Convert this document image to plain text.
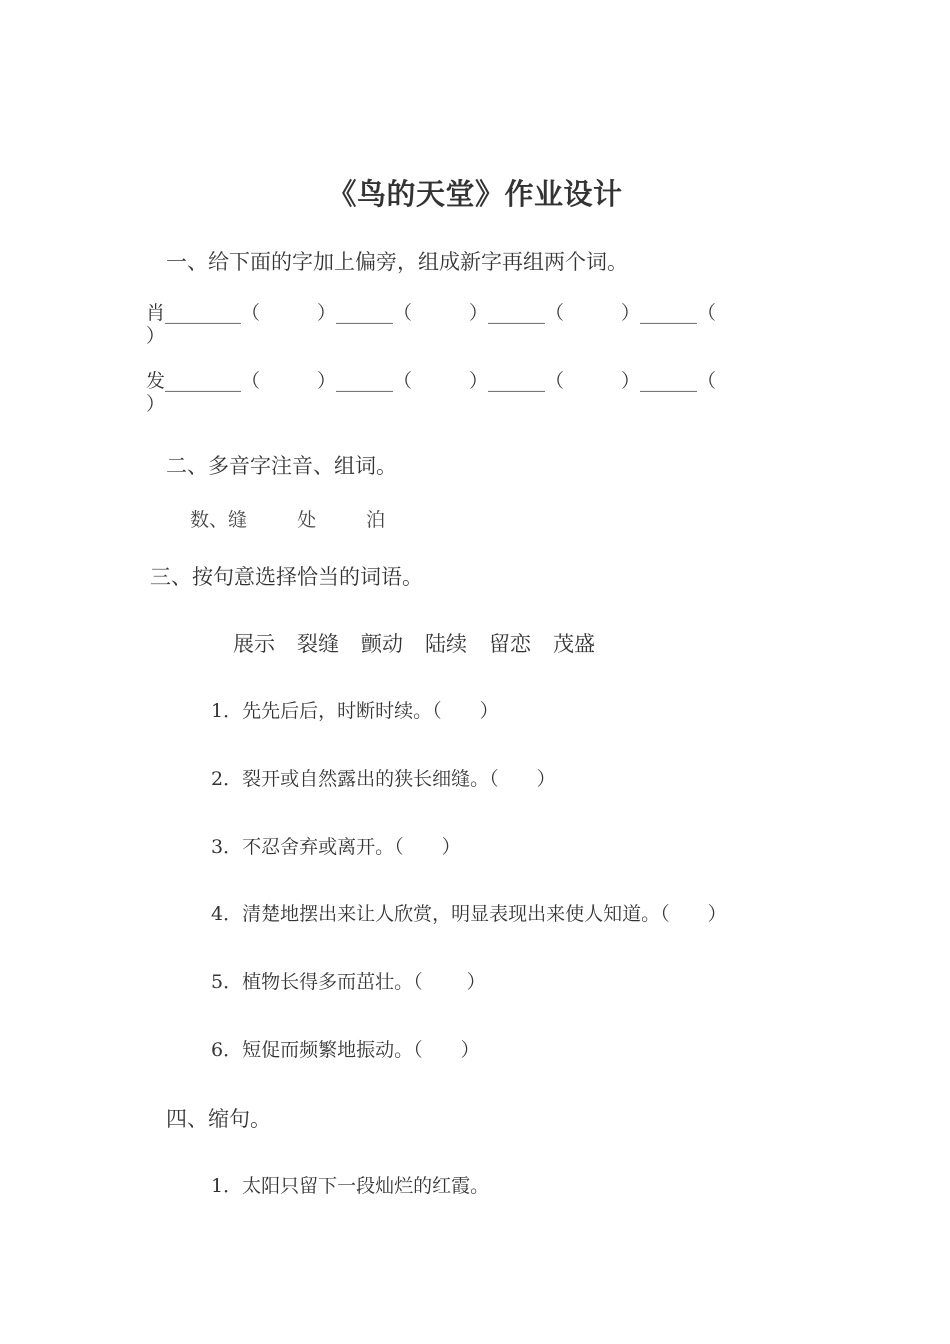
《鸟的天堂》作业设计
一、给下面的字加上偏旁，组成新字再组两个词。
肖________（　　　）______（　　　）______（　　　）______（
）
发________（　　　）______（　　　）______（　　　）______（
）
二、多音字注音、组词。
数、缝	处	泊
三、按句意选择恰当的词语。
展示 裂缝 颤动 陆续 留恋 茂盛
1．先先后后，时断时续。（　　）
2．裂开或自然露出的狭长细缝。（　　）
3．不忍舍弃或离开。（　　）
4．清楚地摆出来让人欣赏，明显表现出来使人知道。（　　）
5．植物长得多而茁壮。（　　 ）
6．短促而频繁地振动。（　　）
四、缩句。
1．太阳只留下一段灿烂的红霞。
